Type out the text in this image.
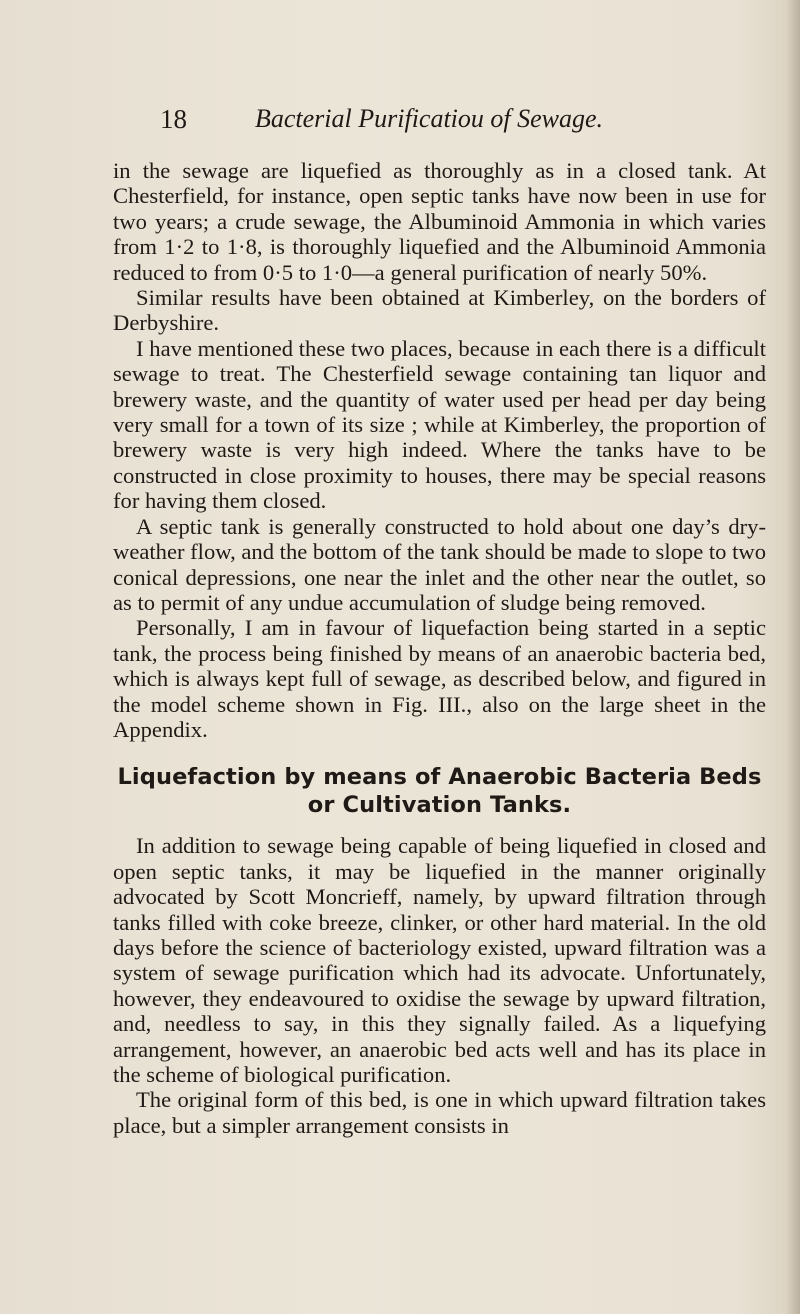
18	Bacterial Purificatiou of Sewage.

in the sewage are liquefied as thoroughly as in a closed tank. At Chesterfield, for instance, open septic tanks have now been in use for two years; a crude sewage, the Albuminoid Ammonia in which varies from 1·2 to 1·8, is thoroughly liquefied and the Albuminoid Ammonia reduced to from 0·5 to 1·0—a general purification of nearly 50%.

Similar results have been obtained at Kimberley, on the borders of Derbyshire.

I have mentioned these two places, because in each there is a difficult sewage to treat. The Chesterfield sewage containing tan liquor and brewery waste, and the quantity of water used per head per day being very small for a town of its size ; while at Kimberley, the proportion of brewery waste is very high indeed. Where the tanks have to be constructed in close proximity to houses, there may be special reasons for having them closed.

A septic tank is generally constructed to hold about one day’s dry-weather flow, and the bottom of the tank should be made to slope to two conical depressions, one near the inlet and the other near the outlet, so as to permit of any undue accumulation of sludge being removed.

Personally, I am in favour of liquefaction being started in a septic tank, the process being finished by means of an anaerobic bacteria bed, which is always kept full of sewage, as described below, and figured in the model scheme shown in Fig. III., also on the large sheet in the Appendix.

Liquefaction by means of Anaerobic Bacteria Beds
or Cultivation Tanks.

In addition to sewage being capable of being liquefied in closed and open septic tanks, it may be liquefied in the manner originally advocated by Scott Moncrieff, namely, by upward filtration through tanks filled with coke breeze, clinker, or other hard material. In the old days before the science of bacteriology existed, upward filtration was a system of sewage purification which had its advocate. Unfortunately, however, they endeavoured to oxidise the sewage by upward filtration, and, needless to say, in this they signally failed. As a liquefying arrangement, however, an anaerobic bed acts well and has its place in the scheme of biological purification.

The original form of this bed, is one in which upward filtration takes place, but a simpler arrangement consists in
